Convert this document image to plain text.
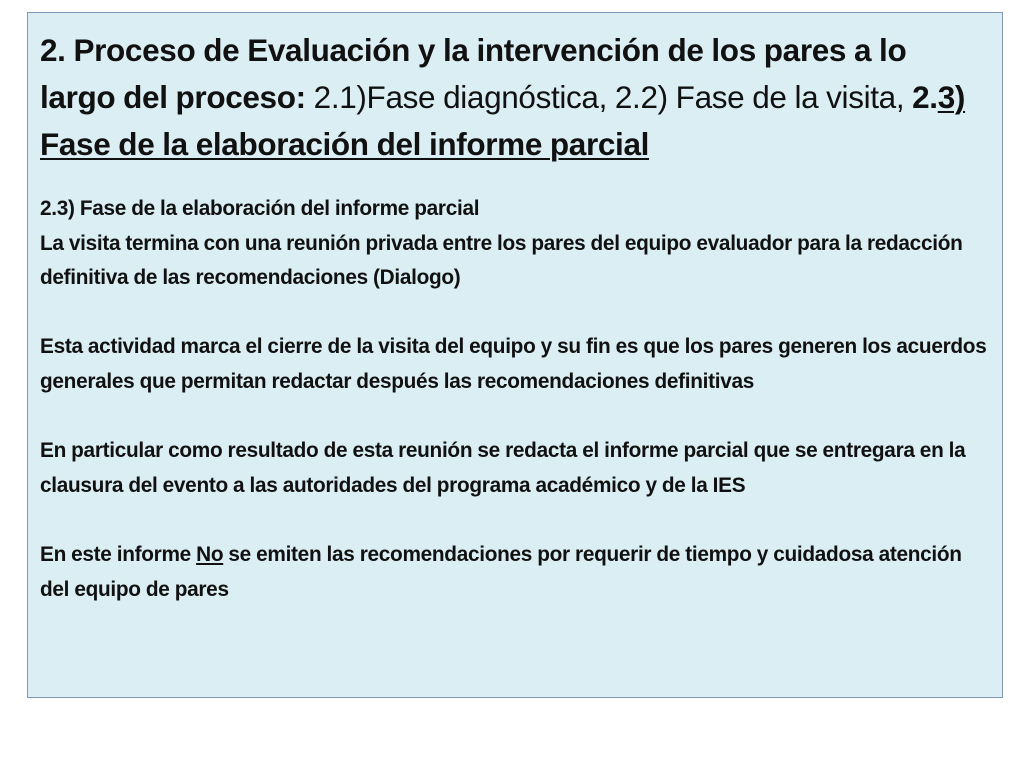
2. Proceso de Evaluación y la intervención de los pares a lo largo del proceso: 2.1)Fase diagnóstica, 2.2) Fase de la visita, 2.3) Fase de la elaboración del informe parcial

2.3) Fase de la elaboración del informe parcial

La visita termina con una reunión privada entre los pares del equipo evaluador para la redacción definitiva de las recomendaciones (Dialogo)

Esta actividad marca el cierre de la visita del equipo y su fin es que los pares generen los acuerdos generales que permitan redactar después las recomendaciones definitivas

En particular como resultado de esta reunión se redacta el informe parcial que se entregara en la clausura del evento a las autoridades del programa académico y de la IES

En este informe No se emiten las recomendaciones por requerir de tiempo y cuidadosa atención del equipo de pares
